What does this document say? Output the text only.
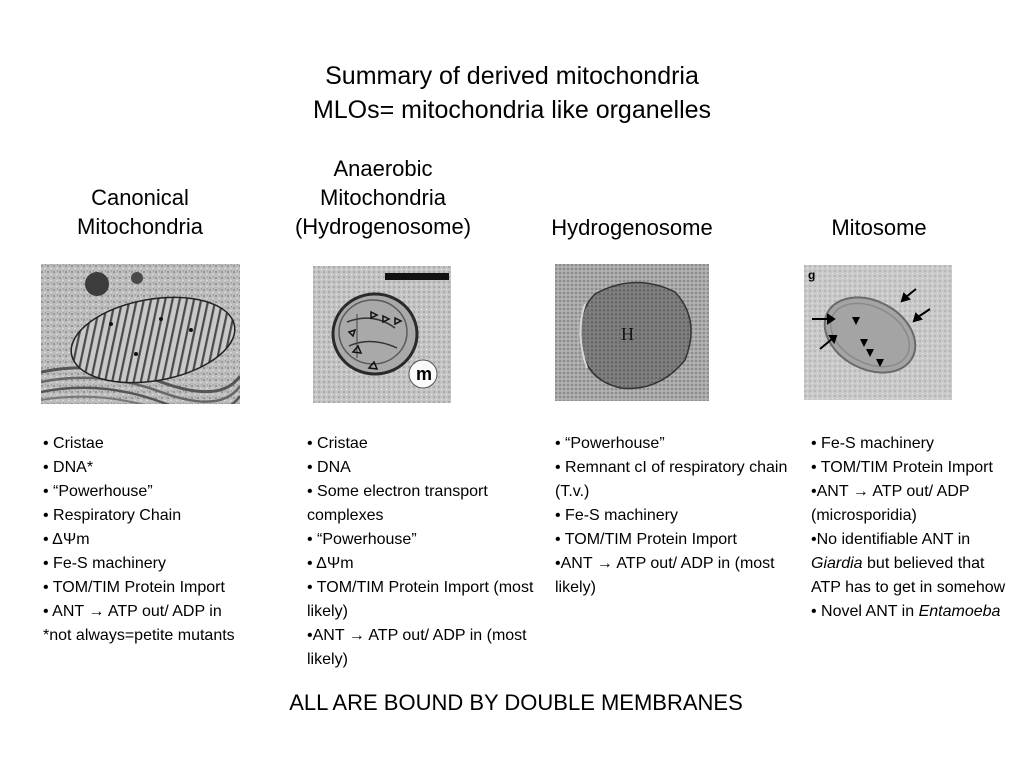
Summary of derived mitochondria
MLOs= mitochondria like organelles
Canonical
Mitochondria
Anaerobic
Mitochondria
(Hydrogenosome)	Hydrogenosome	Mitosome
m
H
g
• Cristae
• DNA*
• “Powerhouse”
• Respiratory Chain
• ΔΨm
• Fe-S machinery
• TOM/TIM Protein Import
• ANT → ATP out/ ADP in
*not always=petite mutants
• Cristae
• DNA
• Some electron transport complexes
• “Powerhouse”
• ΔΨm
• TOM/TIM Protein Import (most likely)
•ANT → ATP out/ ADP in (most likely)
• “Powerhouse”
• Remnant cI of respiratory chain (T.v.)
• Fe-S machinery
• TOM/TIM Protein Import
•ANT → ATP out/ ADP in (most likely)
• Fe-S machinery
• TOM/TIM Protein Import
•ANT → ATP out/ ADP (microsporidia)
•No identifiable ANT in Giardia but believed that ATP has to get in somehow
• Novel ANT in Entamoeba
ALL ARE BOUND BY DOUBLE MEMBRANES
